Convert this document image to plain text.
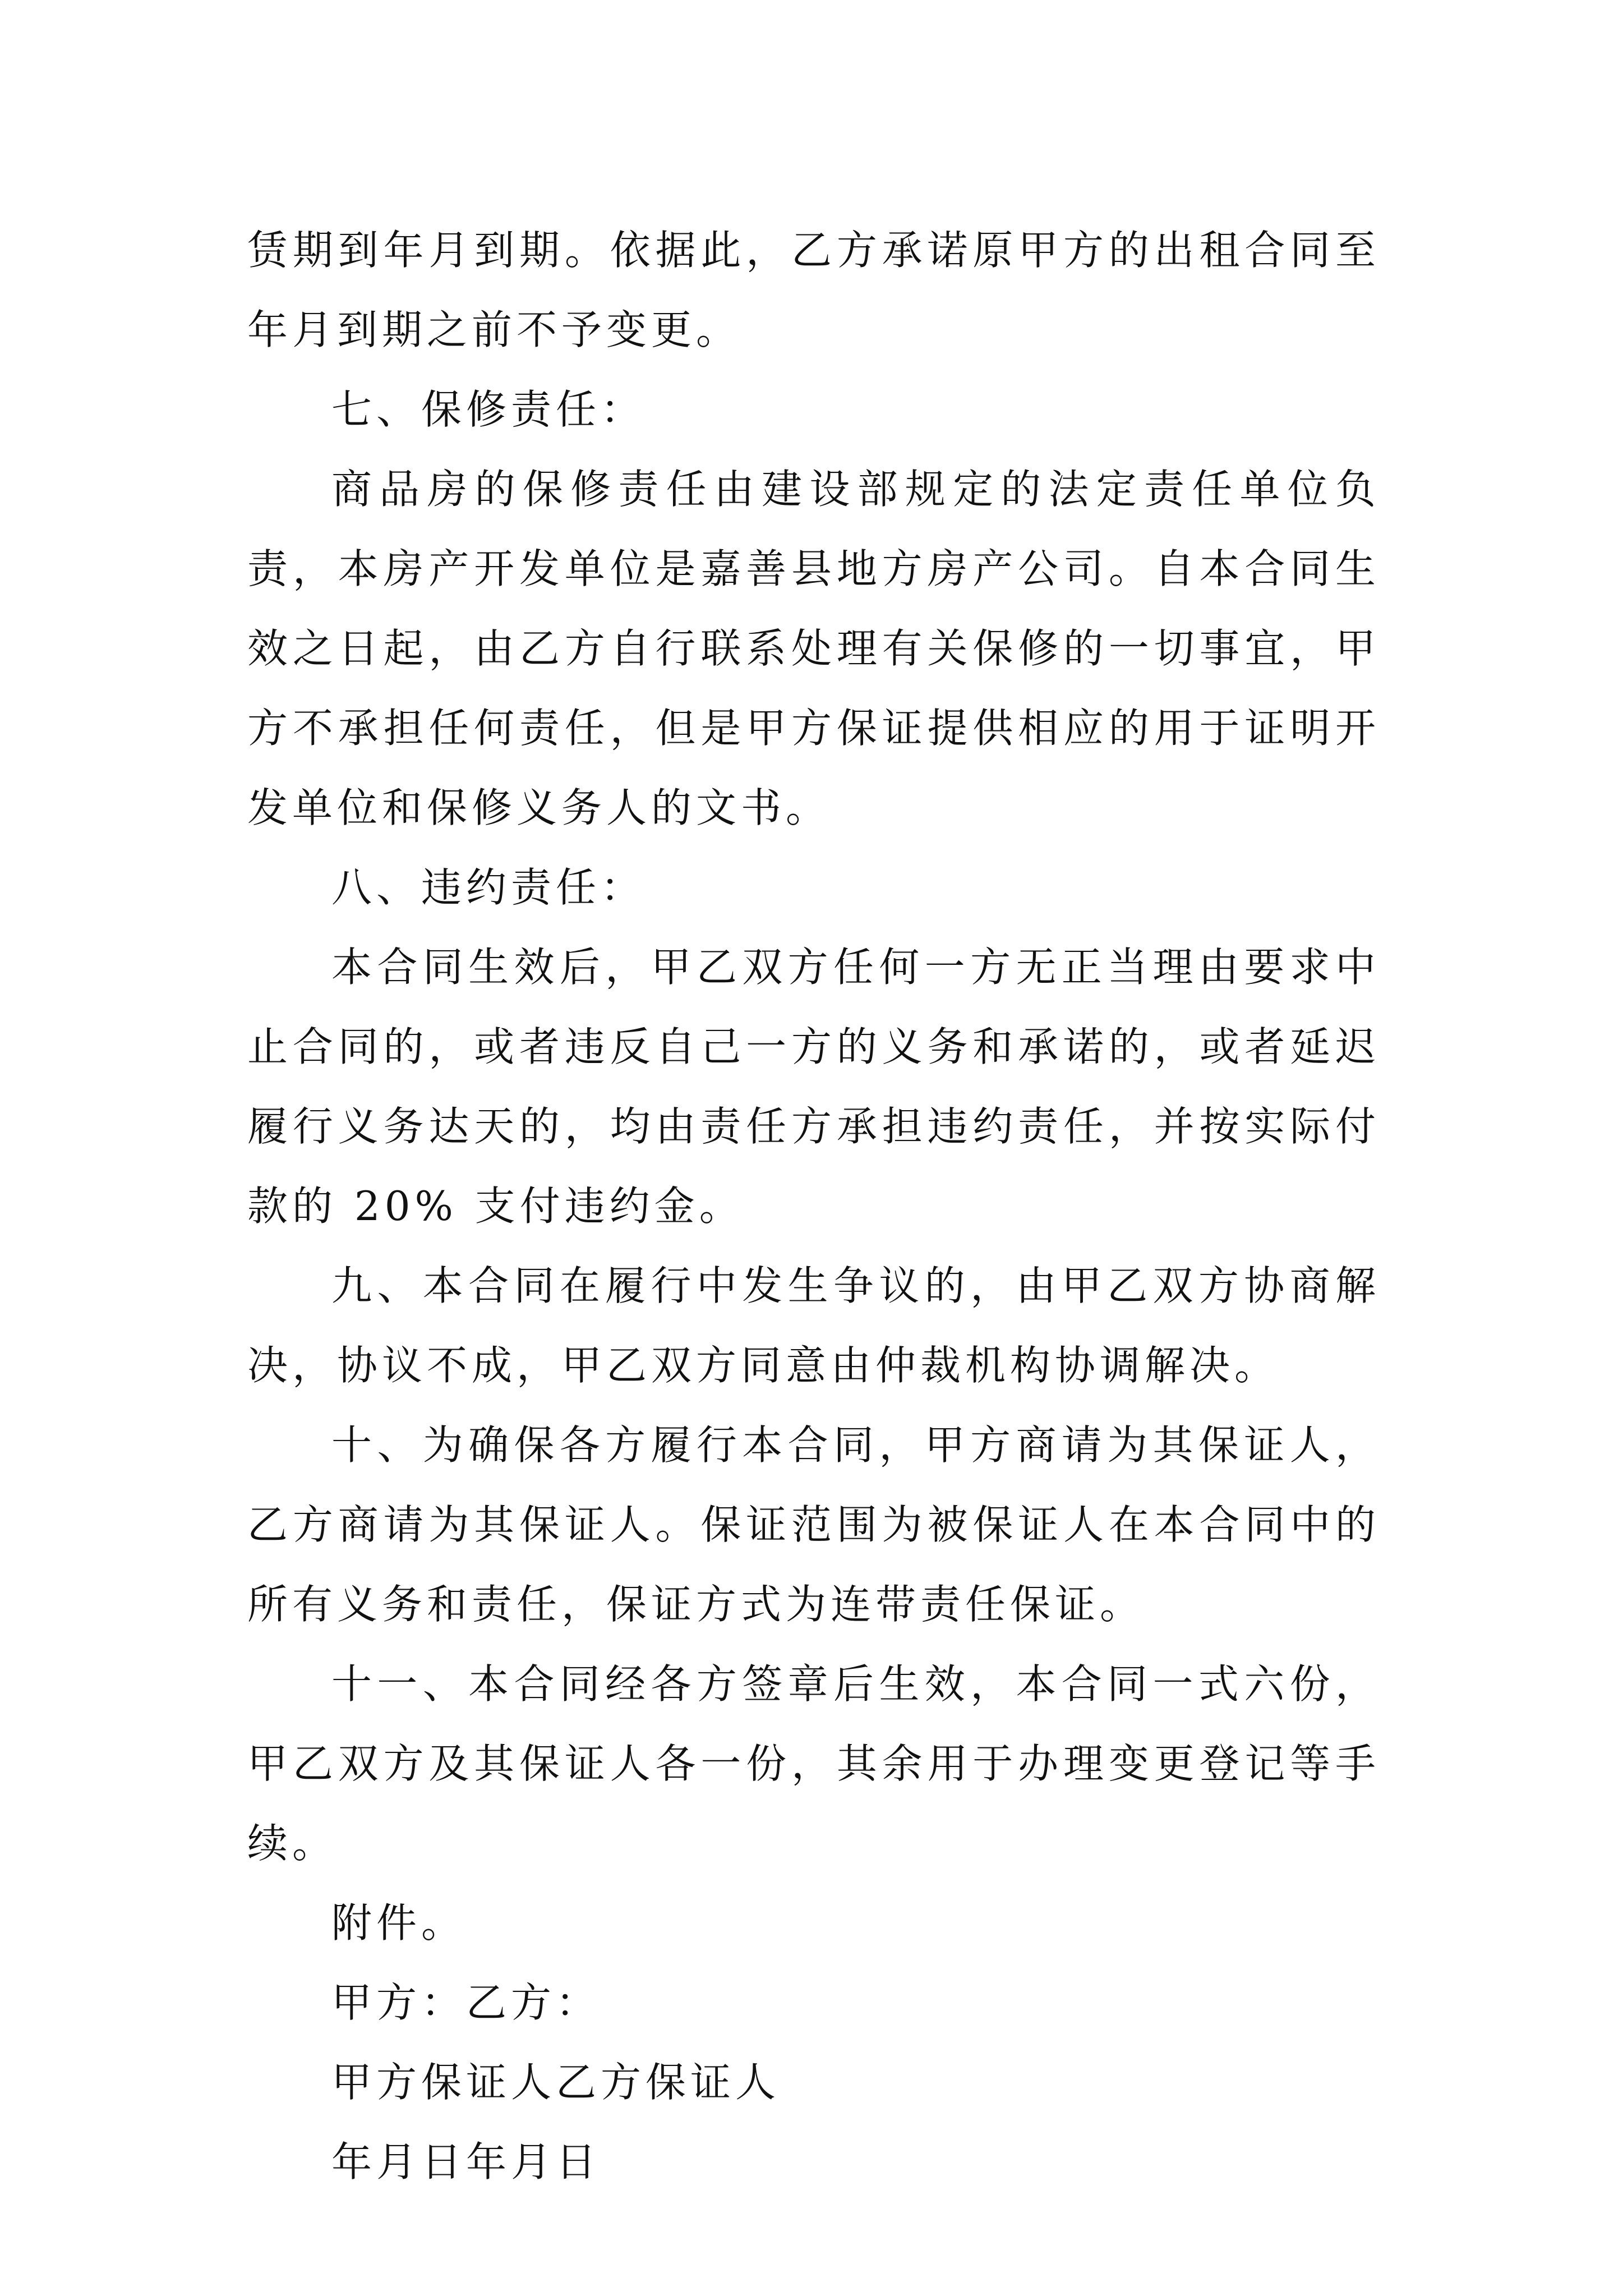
赁期到年月到期。依据此，乙方承诺原甲方的出租合同至年月到期之前不予变更。

七、保修责任：

商品房的保修责任由建设部规定的法定责任单位负责，本房产开发单位是嘉善县地方房产公司。自本合同生效之日起，由乙方自行联系处理有关保修的一切事宜，甲方不承担任何责任，但是甲方保证提供相应的用于证明开发单位和保修义务人的文书。

八、违约责任：

本合同生效后，甲乙双方任何一方无正当理由要求中止合同的，或者违反自己一方的义务和承诺的，或者延迟履行义务达天的，均由责任方承担违约责任，并按实际付款的 20% 支付违约金。

九、本合同在履行中发生争议的，由甲乙双方协商解决，协议不成，甲乙双方同意由仲裁机构协调解决。

十、为确保各方履行本合同，甲方商请为其保证人，乙方商请为其保证人。保证范围为被保证人在本合同中的所有义务和责任，保证方式为连带责任保证。

十一、本合同经各方签章后生效，本合同一式六份，甲乙双方及其保证人各一份，其余用于办理变更登记等手续。

附件。

甲方：乙方：

甲方保证人乙方保证人

年月日年月日
